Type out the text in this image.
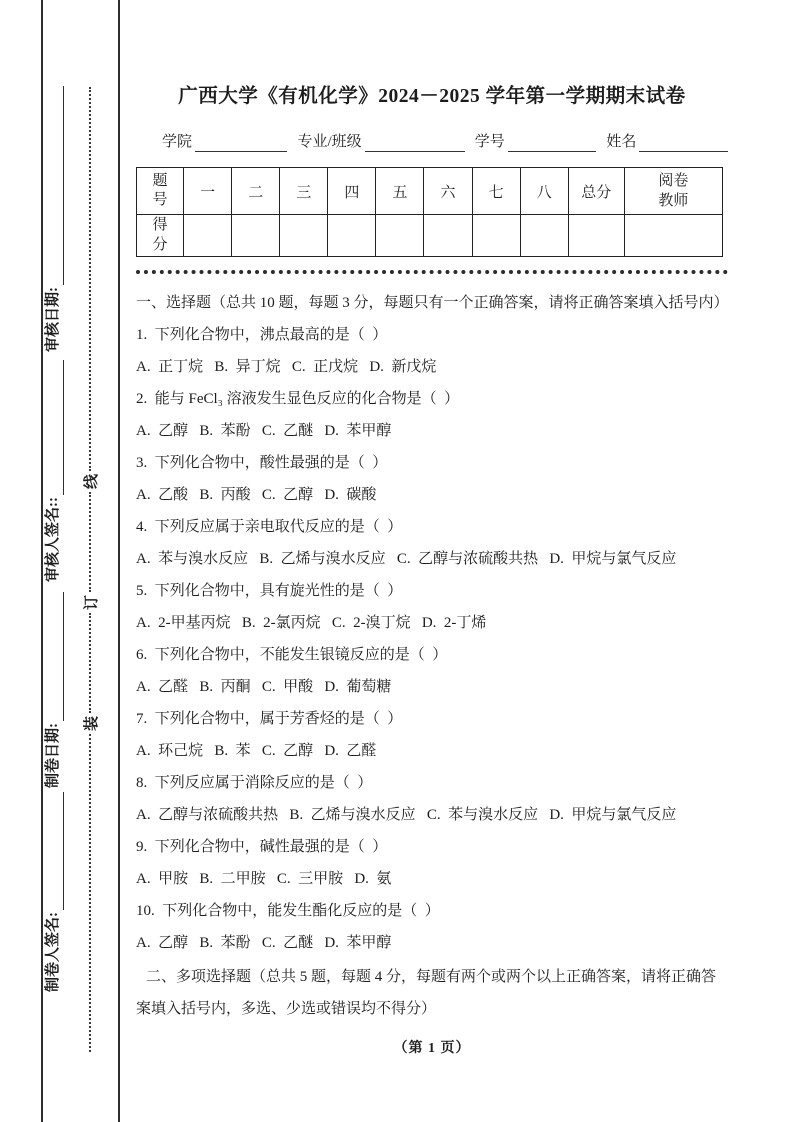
审核日期:
审核人签名::
制卷日期:
制卷人签名:
装
订
线
广西大学《有机化学》2024－2025 学年第一学期期末试卷
学院	专业/班级	学号	姓名
题号	一	二	三	四	五	六	七	八	总分	阅卷教师
得分										
一、选择题（总共 10 题，每题 3 分，每题只有一个正确答案，请将正确答案填入括号内）
1.  下列化合物中，沸点最高的是（  ）
A.  正丁烷   B.  异丁烷   C.  正戊烷   D.  新戊烷
2.  能与 FeCl₃ 溶液发生显色反应的化合物是（  ）
A.  乙醇   B.  苯酚   C.  乙醚   D.  苯甲醇
3.  下列化合物中，酸性最强的是（  ）
A.  乙酸   B.  丙酸   C.  乙醇   D.  碳酸
4.  下列反应属于亲电取代反应的是（  ）
A.  苯与溴水反应   B.  乙烯与溴水反应   C.  乙醇与浓硫酸共热   D.  甲烷与氯气反应
5.  下列化合物中，具有旋光性的是（  ）
A.  2-甲基丙烷   B.  2-氯丙烷   C.  2-溴丁烷   D.  2-丁烯
6.  下列化合物中，不能发生银镜反应的是（  ）
A.  乙醛   B.  丙酮   C.  甲酸   D.  葡萄糖
7.  下列化合物中，属于芳香烃的是（  ）
A.  环己烷   B.  苯   C.  乙醇   D.  乙醛
8.  下列反应属于消除反应的是（  ）
A.  乙醇与浓硫酸共热   B.  乙烯与溴水反应   C.  苯与溴水反应   D.  甲烷与氯气反应
9.  下列化合物中，碱性最强的是（  ）
A.  甲胺   B.  二甲胺   C.  三甲胺   D.  氨
10.  下列化合物中，能发生酯化反应的是（  ）
A.  乙醇   B.  苯酚   C.  乙醚   D.  苯甲醇
二、多项选择题（总共 5 题，每题 4 分，每题有两个或两个以上正确答案，请将正确答案填入括号内，多选、少选或错误均不得分）
（第 1 页）
